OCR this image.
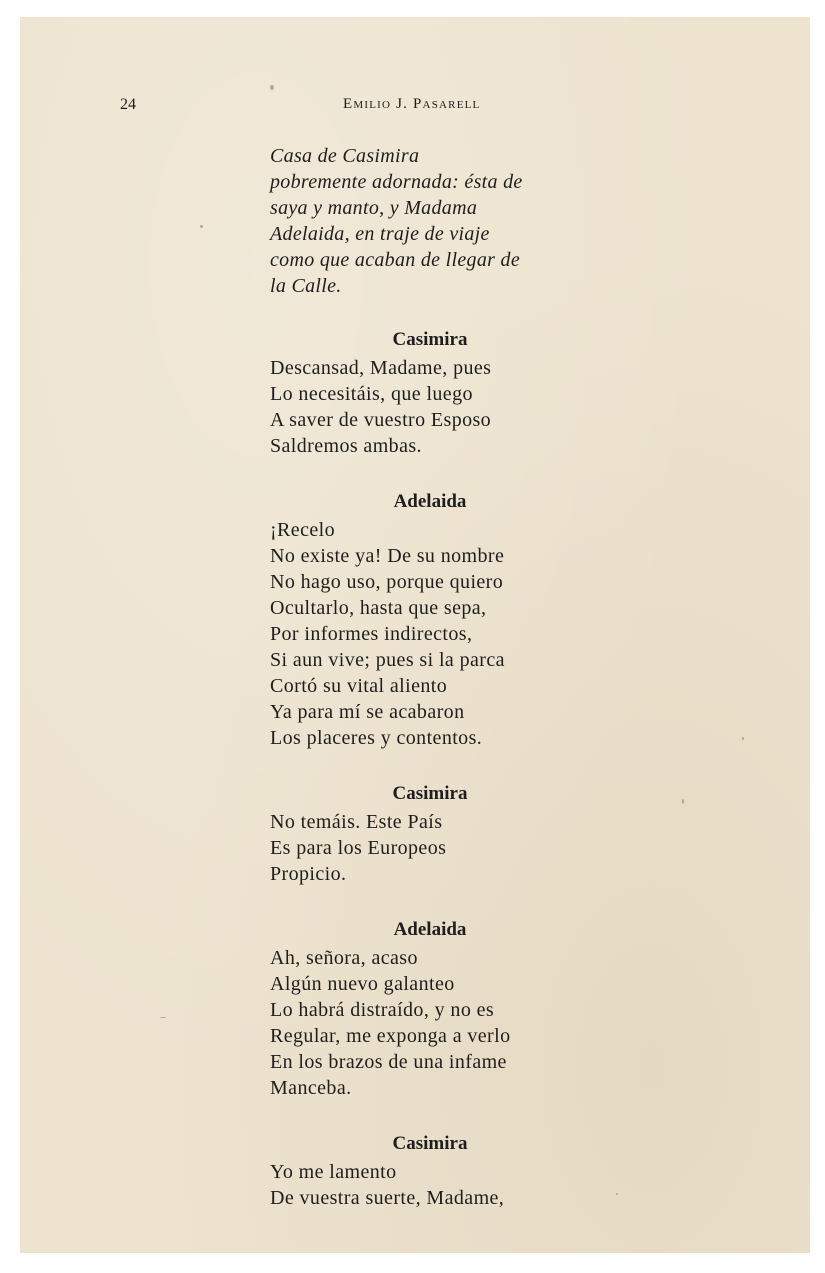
24	Emilio J. Pasarell
Casa de Casimira
pobremente adornada: ésta de
saya y manto, y Madama
Adelaida, en traje de viaje
como que acaban de llegar de
la Calle.
Casimira
Descansad, Madame, pues
Lo necesitáis, que luego
A saver de vuestro Esposo
Saldremos ambas.
Adelaida
¡Recelo
No existe ya! De su nombre
No hago uso, porque quiero
Ocultarlo, hasta que sepa,
Por informes indirectos,
Si aun vive; pues si la parca
Cortó su vital aliento
Ya para mí se acabaron
Los placeres y contentos.
Casimira
No temáis. Este País
Es para los Europeos
Propicio.
Adelaida
Ah, señora, acaso
Algún nuevo galanteo
Lo habrá distraído, y no es
Regular, me exponga a verlo
En los brazos de una infame
Manceba.
Casimira
Yo me lamento
De vuestra suerte, Madame,
